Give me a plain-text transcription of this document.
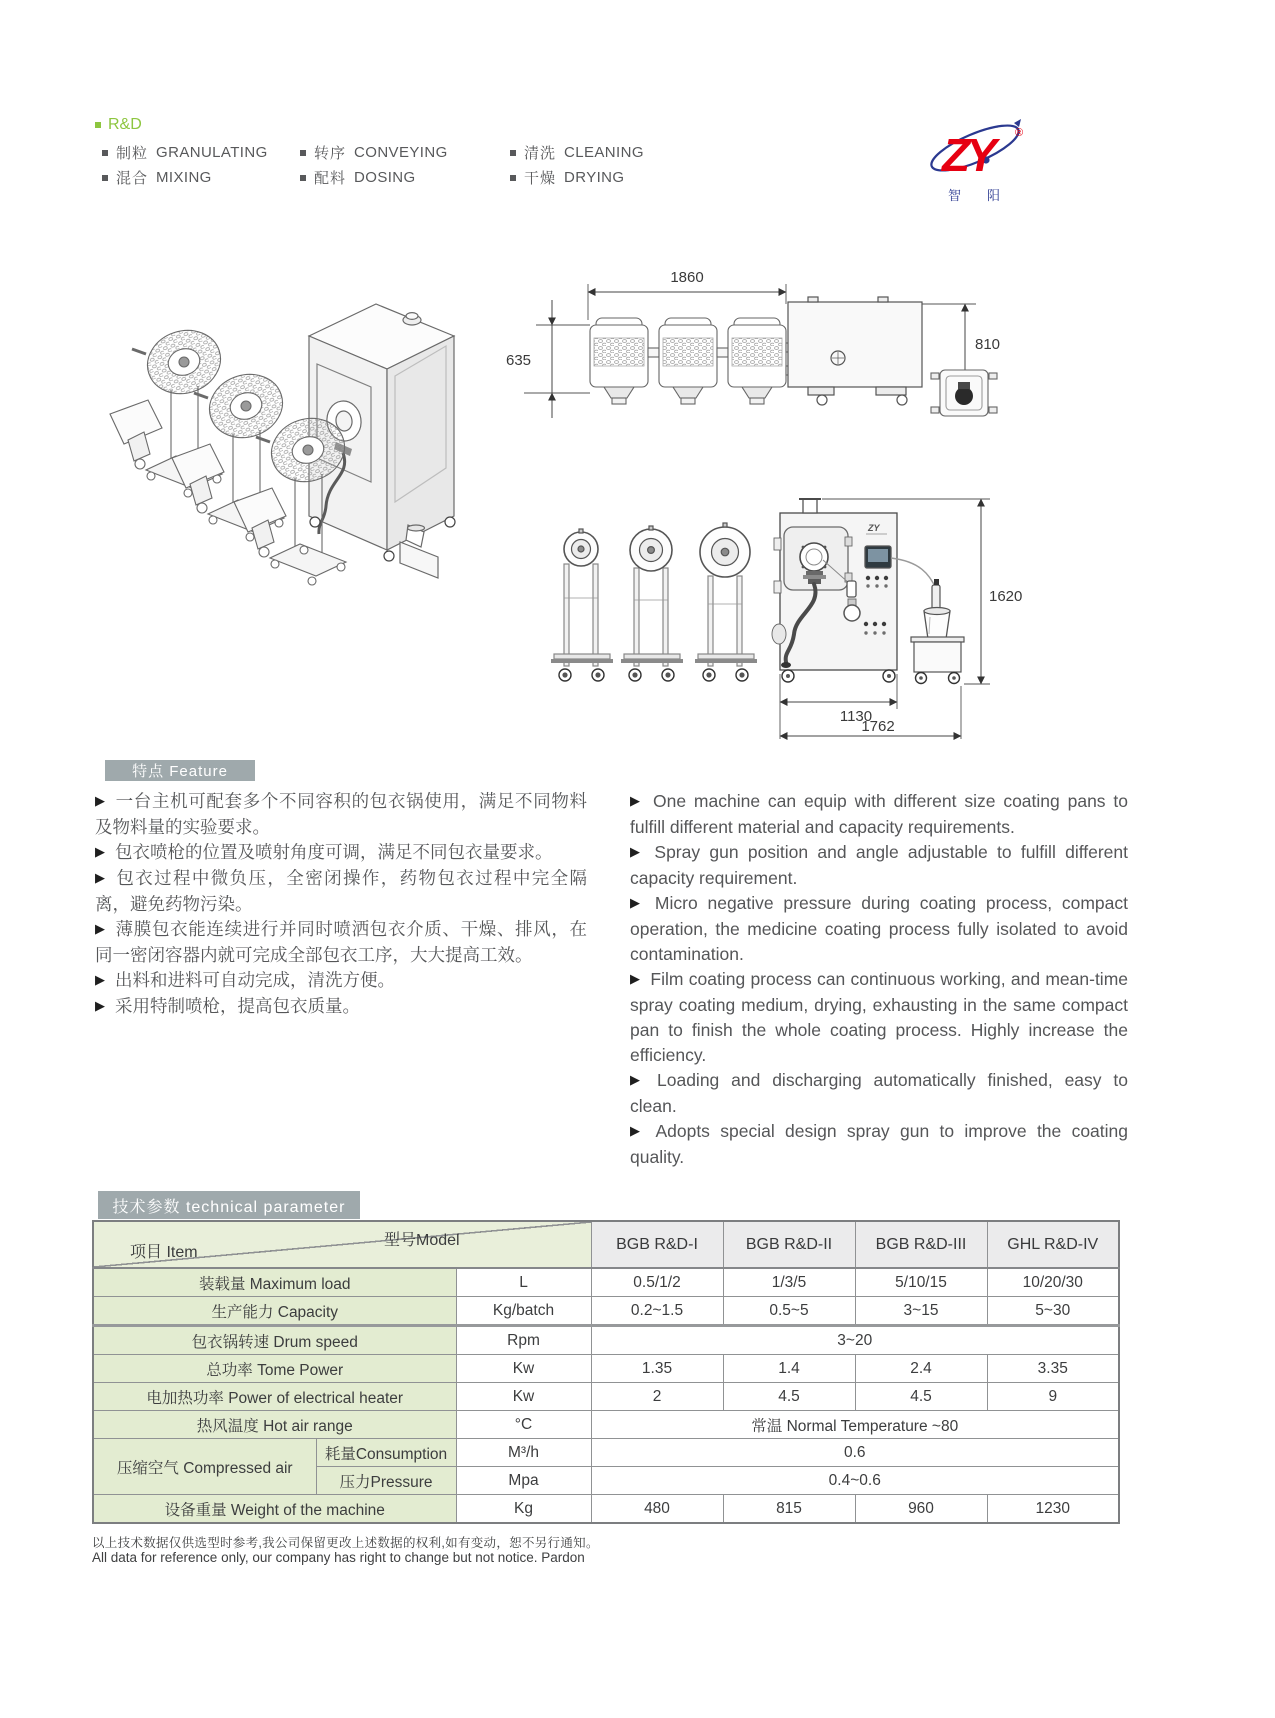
R&D
制粒 GRANULATING
混合 MIXING
转序 CONVEYING
配料 DOSING
清洗 CLEANING
干燥 DRYING	ZY	®
智阳
1860
635
810
ZY
1620
1130
1762
特点 Feature

▶ 一台主机可配套多个不同容积的包衣锅使用，满足不同物料及物料量的实验要求。

▶ 包衣喷枪的位置及喷射角度可调，满足不同包衣量要求。

▶ 包衣过程中微负压，全密闭操作，药物包衣过程中完全隔离，避免药物污染。

▶ 薄膜包衣能连续进行并同时喷洒包衣介质、干燥、排风，在同一密闭容器内就可完成全部包衣工序，大大提高工效。

▶ 出料和进料可自动完成，清洗方便。

▶ 采用特制喷枪，提高包衣质量。

▶ One machine can equip with different size coating pans to fulfill different material and capacity requirements.

▶ Spray gun position and angle adjustable to fulfill different capacity requirement.

▶ Micro negative pressure during coating process, compact operation, the medicine coating process fully isolated to avoid contamination.

▶ Film coating process can continuous working, and mean-time spray coating medium, drying, exhausting in the same compact pan to finish the whole coating process. Highly increase the efficiency.

▶ Loading and discharging automatically finished, easy to clean.

▶ Adopts special design spray gun to improve the coating quality.

技术参数 technical parameter
型号Model
项目 Item			BGB R&D-I	BGB R&D-II	BGB R&D-III	GHL R&D-IV
装载量 Maximum load		L	0.5/1/2	1/3/5	5/10/15	10/20/30
生产能力 Capacity		Kg/batch	0.2~1.5	0.5~5	3~15	5~30
包衣锅转速 Drum speed		Rpm	3~20			
总功率 Tome Power		Kw	1.35	1.4	2.4	3.35
电加热功率 Power of electrical heater		Kw	2	4.5	4.5	9
热风温度 Hot air range		°C	常温 Normal Temperature ~80			
压缩空气 Compressed air	耗量Consumption	M³/h	0.6			
	压力Pressure	Mpa	0.4~0.6			
设备重量 Weight of the machine		Kg	480	815	960	1230
以上技术数据仅供选型时参考,我公司保留更改上述数据的权利,如有变动，恕不另行通知。
All data for reference only, our company has right to change but not notice. Pardon
